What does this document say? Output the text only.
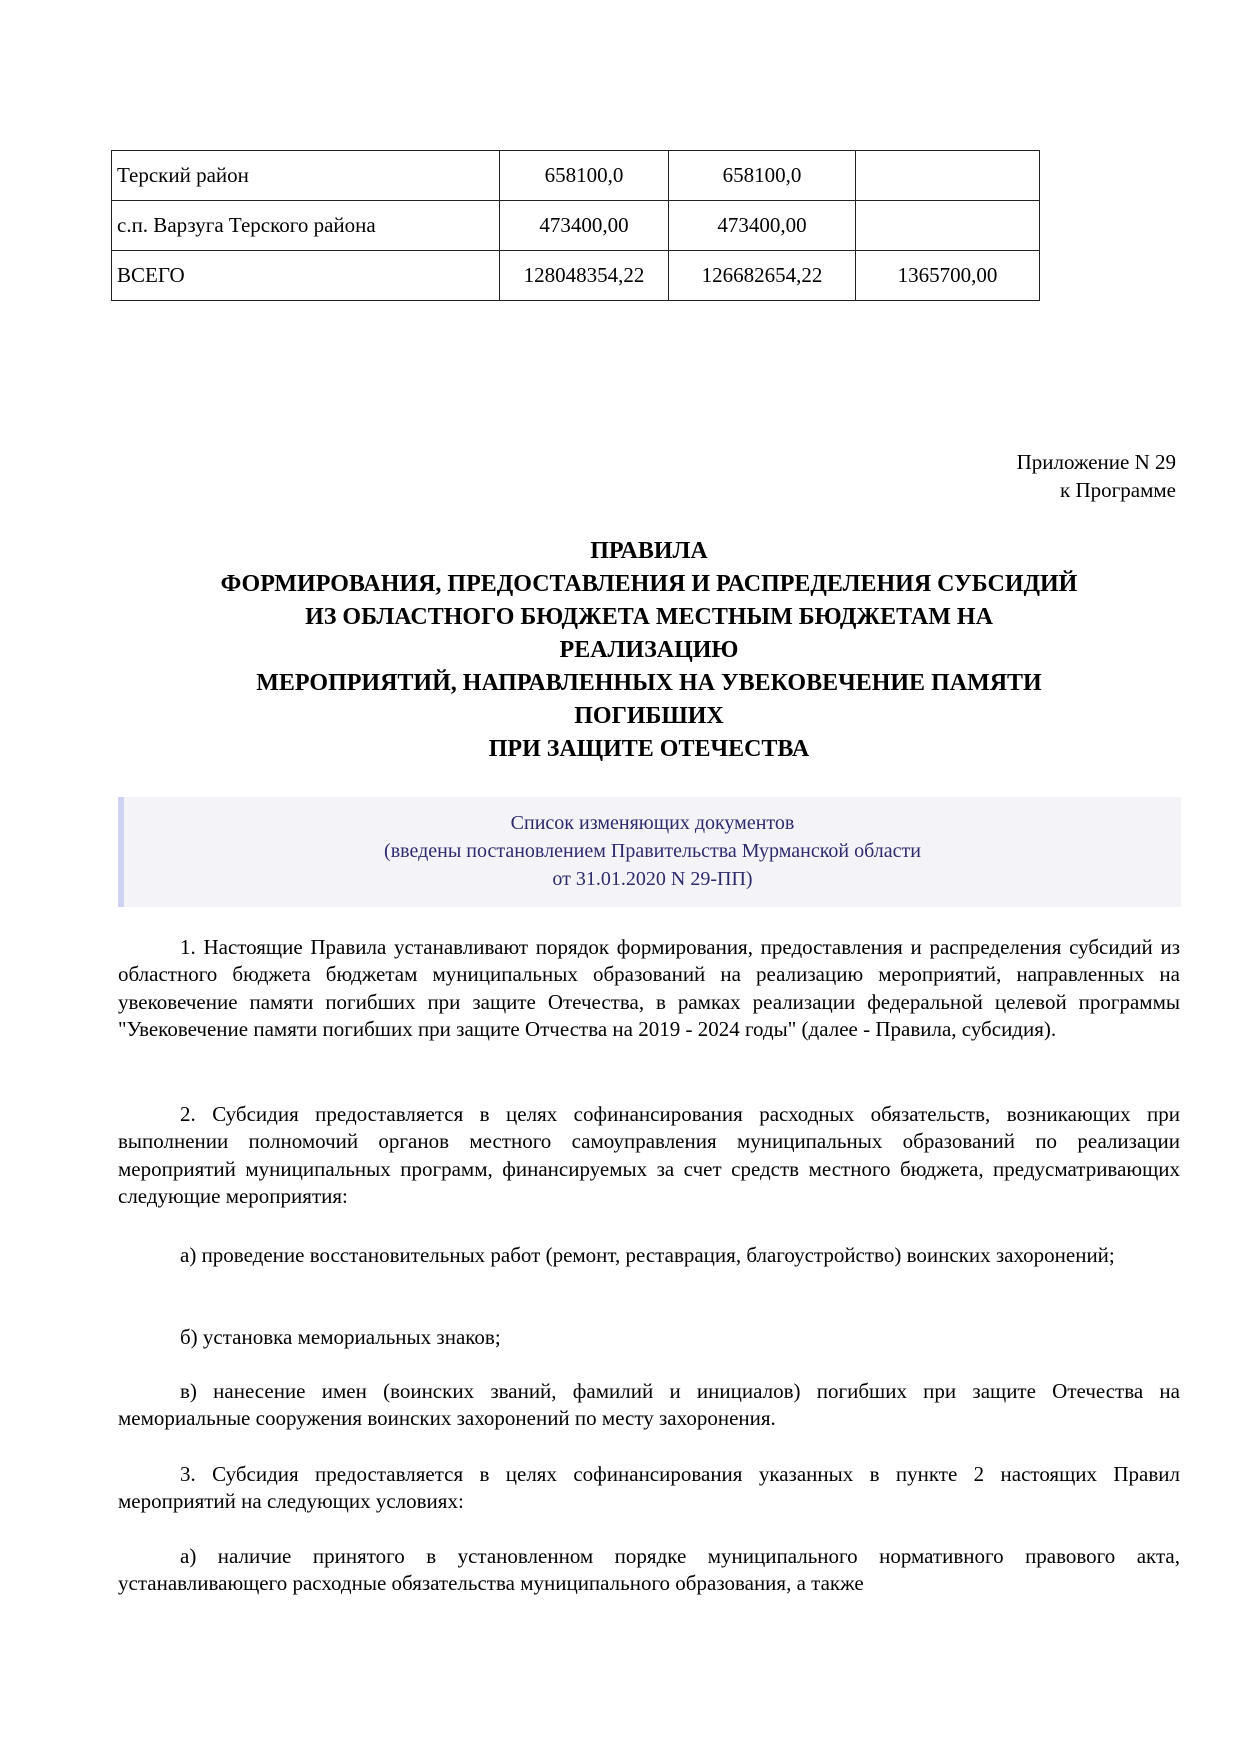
Терский район	658100,0	658100,0	
с.п. Варзуга Терского района	473400,00	473400,00	
ВСЕГО	128048354,22	126682654,22	1365700,00
Приложение N 29
к Программе
ПРАВИЛА
ФОРМИРОВАНИЯ, ПРЕДОСТАВЛЕНИЯ И РАСПРЕДЕЛЕНИЯ СУБСИДИЙ
ИЗ ОБЛАСТНОГО БЮДЖЕТА МЕСТНЫМ БЮДЖЕТАМ НА
РЕАЛИЗАЦИЮ
МЕРОПРИЯТИЙ, НАПРАВЛЕННЫХ НА УВЕКОВЕЧЕНИЕ ПАМЯТИ
ПОГИБШИХ
ПРИ ЗАЩИТЕ ОТЕЧЕСТВА
Список изменяющих документов
(введены постановлением Правительства Мурманской области
от 31.01.2020 N 29-ПП)

1. Настоящие Правила устанавливают порядок формирования, предоставления и распределения субсидий из областного бюджета бюджетам муниципальных образований на реализацию мероприятий, направленных на увековечение памяти погибших при защите Отечества, в рамках реализации федеральной целевой программы "Увековечение памяти погибших при защите Отчества на 2019 - 2024 годы" (далее - Правила, субсидия).

2. Субсидия предоставляется в целях софинансирования расходных обязательств, возникающих при выполнении полномочий органов местного самоуправления муниципальных образований по реализации мероприятий муниципальных программ, финансируемых за счет средств местного бюджета, предусматривающих следующие мероприятия:

а) проведение восстановительных работ (ремонт, реставрация, благоустройство) воинских захоронений;

б) установка мемориальных знаков;

в) нанесение имен (воинских званий, фамилий и инициалов) погибших при защите Отечества на мемориальные сооружения воинских захоронений по месту захоронения.

3. Субсидия предоставляется в целях софинансирования указанных в пункте 2 настоящих Правил мероприятий на следующих условиях:

а) наличие принятого в установленном порядке муниципального нормативного правового акта, устанавливающего расходные обязательства муниципального образования, а также
